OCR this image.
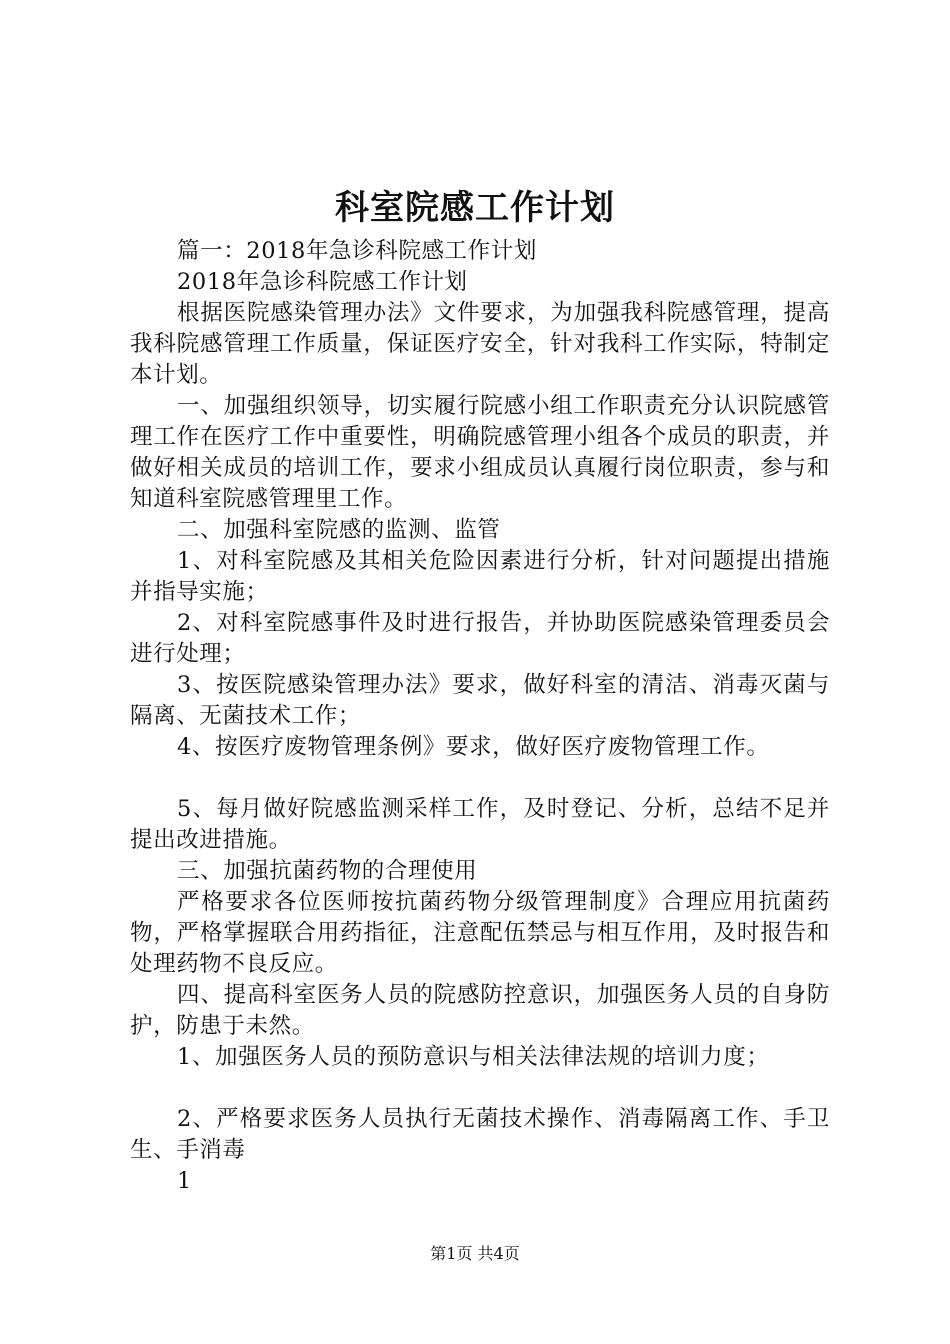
科室院感工作计划

篇一：2018年急诊科院感工作计划

2018年急诊科院感工作计划

根据医院感染管理办法》文件要求，为加强我科院感管理，提高我科院感管理工作质量，保证医疗安全，针对我科工作实际，特制定本计划。

一、加强组织领导，切实履行院感小组工作职责充分认识院感管理工作在医疗工作中重要性，明确院感管理小组各个成员的职责，并做好相关成员的培训工作，要求小组成员认真履行岗位职责，参与和知道科室院感管理里工作。

二、加强科室院感的监测、监管

1、对科室院感及其相关危险因素进行分析，针对问题提出措施并指导实施；

2、对科室院感事件及时进行报告，并协助医院感染管理委员会进行处理；

3、按医院感染管理办法》要求，做好科室的清洁、消毒灭菌与隔离、无菌技术工作；

4、按医疗废物管理条例》要求，做好医疗废物管理工作。

5、每月做好院感监测采样工作，及时登记、分析，总结不足并提出改进措施。

三、加强抗菌药物的合理使用

严格要求各位医师按抗菌药物分级管理制度》合理应用抗菌药物，严格掌握联合用药指征，注意配伍禁忌与相互作用，及时报告和处理药物不良反应。

四、提高科室医务人员的院感防控意识，加强医务人员的自身防护，防患于未然。

1、加强医务人员的预防意识与相关法律法规的培训力度；

2、严格要求医务人员执行无菌技术操作、消毒隔离工作、手卫生、手消毒

1

第1页 共4页
